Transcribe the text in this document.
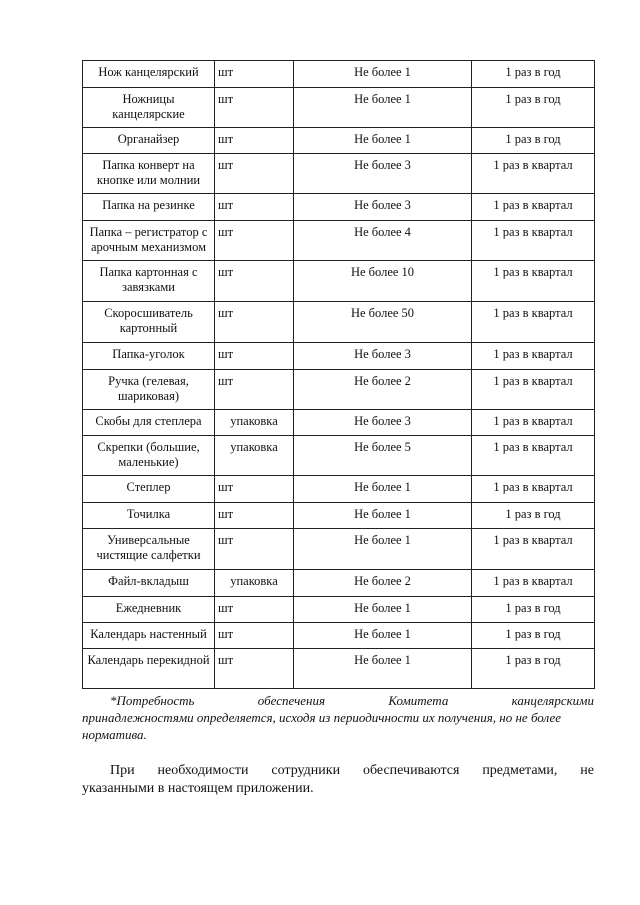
Нож канцелярский	шт	Не более 1	1 раз в год
Ножницы канцелярские	шт	Не более 1	1 раз в год
Органайзер	шт	Не более 1	1 раз в год
Папка конверт на кнопке или молнии	шт	Не более 3	1 раз в квартал
Папка на резинке	шт	Не более 3	1 раз в квартал
Папка – регистратор с арочным механизмом	шт	Не более 4	1 раз в квартал
Папка картонная с завязками	шт	Не более 10	1 раз в квартал
Скоросшиватель картонный	шт	Не более 50	1 раз в квартал
Папка-уголок	шт	Не более 3	1 раз в квартал
Ручка (гелевая, шариковая)	шт	Не более 2	1 раз в квартал
Скобы для степлера	упаковка	Не более 3	1 раз в квартал
Скрепки (большие, маленькие)	упаковка	Не более 5	1 раз в квартал
Степлер	шт	Не более 1	1 раз в квартал
Точилка	шт	Не более 1	1 раз в год
Универсальные чистящие салфетки	шт	Не более 1	1 раз в квартал
Файл-вкладыш	упаковка	Не более 2	1 раз в квартал
Ежедневник	шт	Не более 1	1 раз в год
Календарь настенный	шт	Не более 1	1 раз в год
Календарь перекидной	шт	Не более 1	1 раз в год
*Потребность	обеспечения	Комитета	канцелярскими
принадлежностями определяется, исходя из периодичности их получения, но не более норматива.
При необходимости сотрудники обеспечиваются предметами, не
указанными в настоящем приложении.
